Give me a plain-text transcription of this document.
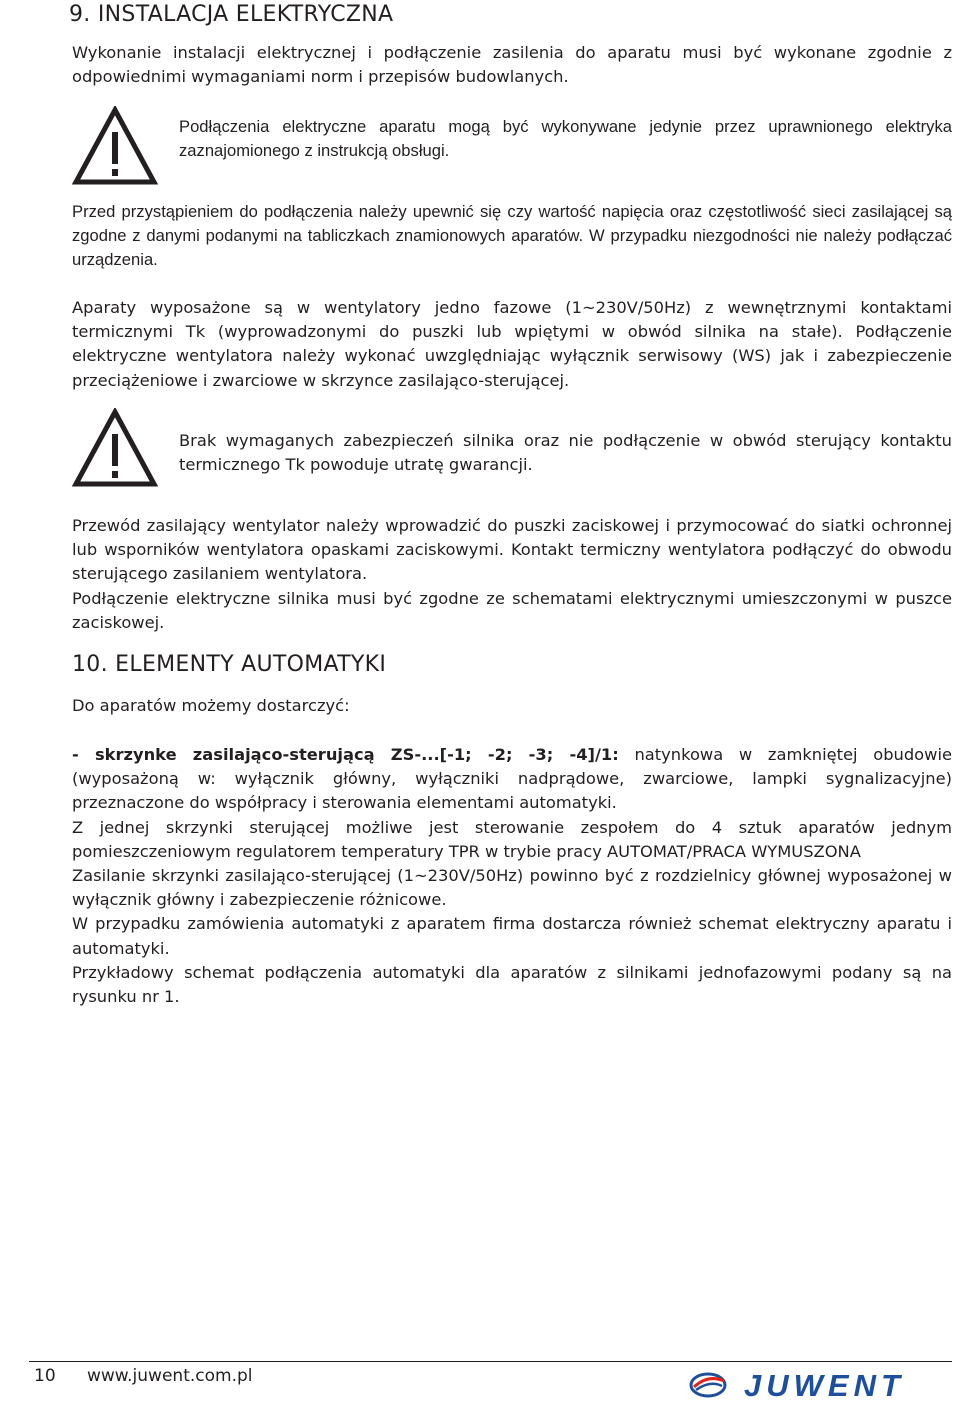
9. INSTALACJA ELEKTRYCZNA

Wykonanie instalacji elektrycznej i podłączenie zasilenia do aparatu musi być wykonane zgodnie z odpowiednimi wymaganiami norm i przepisów budowlanych.

Podłączenia elektryczne aparatu mogą być wykonywane jedynie przez uprawnionego elektryka zaznajomionego z instrukcją obsługi.

Przed przystąpieniem do podłączenia należy upewnić się czy wartość napięcia oraz częstotliwość sieci zasilającej są zgodne z danymi podanymi na tabliczkach znamionowych aparatów. W przypadku niezgodności nie należy podłączać urządzenia.

Aparaty wyposażone są w wentylatory jedno fazowe (1~230V/50Hz) z wewnętrznymi kontaktami termicznymi Tk (wyprowadzonymi do puszki lub wpiętymi w obwód silnika na stałe). Podłączenie elektryczne wentylatora należy wykonać uwzględniając wyłącznik serwisowy (WS) jak i zabezpieczenie przeciążeniowe i zwarciowe w skrzynce zasilająco-sterującej.

Brak wymaganych zabezpieczeń silnika oraz nie podłączenie w obwód sterujący kontaktu termicznego Tk powoduje utratę gwarancji.

Przewód zasilający wentylator należy wprowadzić do puszki zaciskowej i przymocować do siatki ochronnej lub wsporników wentylatora opaskami zaciskowymi. Kontakt termiczny wentylatora podłączyć do obwodu sterującego zasilaniem wentylatora.

Podłączenie elektryczne silnika musi być zgodne ze schematami elektrycznymi umieszczonymi w puszce zaciskowej.

10. ELEMENTY AUTOMATYKI

Do aparatów możemy dostarczyć:

- skrzynke zasilająco-sterującą ZS-...[-1; -2; -3; -4]/1: natynkowa w zamkniętej obudowie (wyposażoną w: wyłącznik główny, wyłączniki nadprądowe, zwarciowe, lampki sygnalizacyjne) przeznaczone do współpracy i sterowania elementami automatyki.

Z jednej skrzynki sterującej możliwe jest sterowanie zespołem do 4 sztuk aparatów jednym pomieszczeniowym regulatorem temperatury TPR w trybie pracy AUTOMAT/PRACA WYMUSZONA

Zasilanie skrzynki zasilająco-sterującej (1~230V/50Hz) powinno być z rozdzielnicy głównej wyposażonej w wyłącznik główny i zabezpieczenie różnicowe.

W przypadku zamówienia automatyki z aparatem firma dostarcza również schemat elektryczny aparatu i automatyki.

Przykładowy schemat podłączenia automatyki dla aparatów z silnikami jednofazowymi podany są na rysunku nr 1.

10 www.juwent.com.pl	JUWENT
